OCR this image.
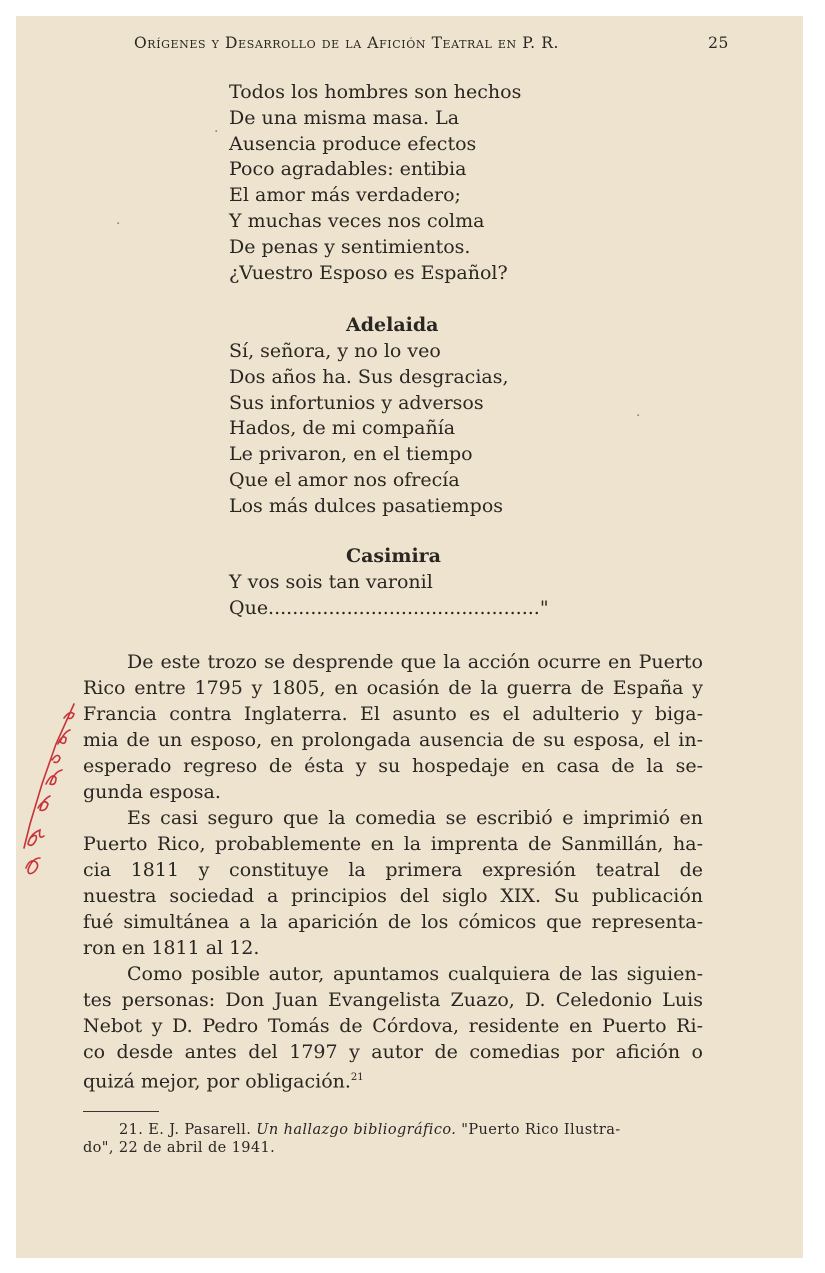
Orígenes y Desarrollo de la Afición Teatral en P. R.	25
Todos los hombres son hechos
De una misma masa. La
Ausencia produce efectos
Poco agradables: entibia
El amor más verdadero;
Y muchas veces nos colma
De penas y sentimientos.
¿Vuestro Esposo es Español?
Adelaida
Sí, señora, y no lo veo
Dos años ha. Sus desgracias,
Sus infortunios y adversos
Hados, de mi compañía
Le privaron, en el tiempo
Que el amor nos ofrecía
Los más dulces pasatiempos
Casimira
Y vos sois tan varonil
Que............................................."
De este trozo se desprende que la acción ocurre en Puerto
Rico entre 1795 y 1805, en ocasión de la guerra de España y
Francia contra Inglaterra. El asunto es el adulterio y biga-
mia de un esposo, en prolongada ausencia de su esposa, el in-
esperado regreso de ésta y su hospedaje en casa de la se-
gunda esposa.
Es casi seguro que la comedia se escribió e imprimió en
Puerto Rico, probablemente en la imprenta de Sanmillán, ha-
cia 1811 y constituye la primera expresión teatral de
nuestra sociedad a principios del siglo XIX. Su publicación
fué simultánea a la aparición de los cómicos que representa-
ron en 1811 al 12.
Como posible autor, apuntamos cualquiera de las siguien-
tes personas: Don Juan Evangelista Zuazo, D. Celedonio Luis
Nebot y D. Pedro Tomás de Córdova, residente en Puerto Ri-
co desde antes del 1797 y autor de comedias por afición o
quizá mejor, por obligación.$^{21}$
21. E. J. Pasarell. Un hallazgo bibliográfico. "Puerto Rico Ilustra-
do", 22 de abril de 1941.
·
·
·
